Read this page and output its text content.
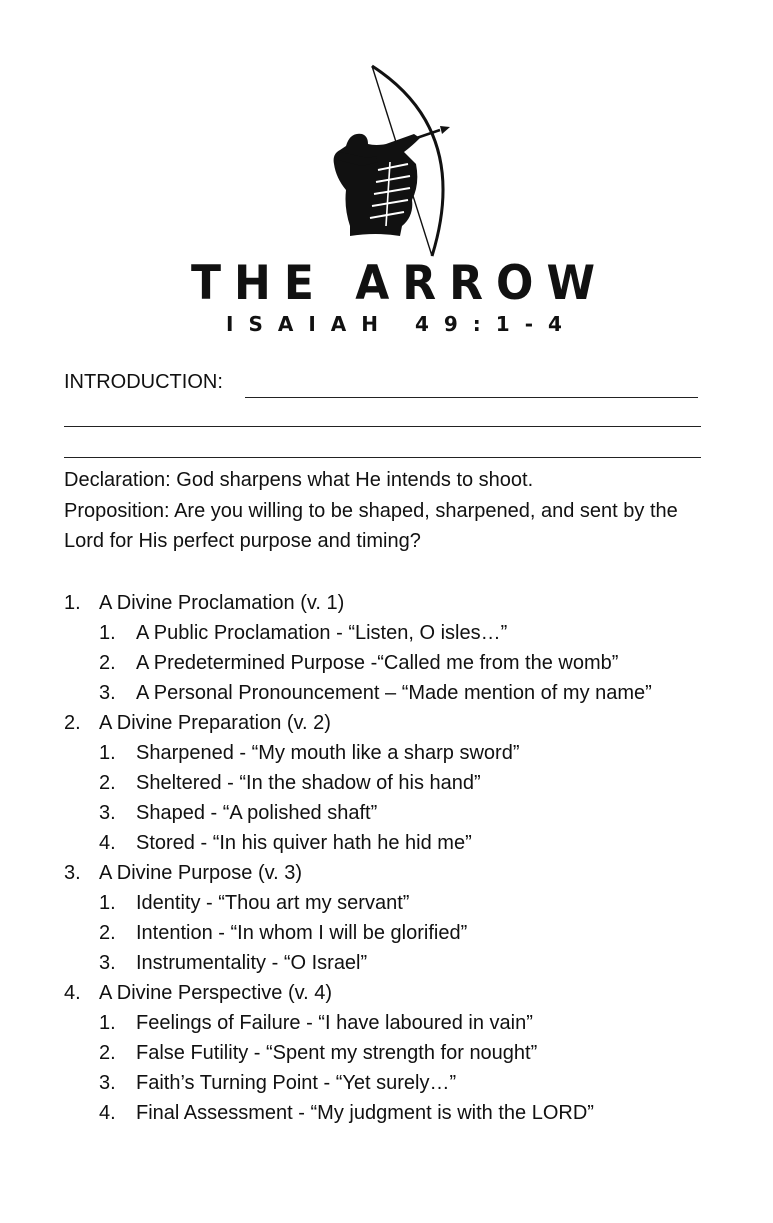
THE ARROW
ISAIAH 49:1-4
INTRODUCTION:
Declaration: God sharpens what He intends to shoot.
Proposition: Are you willing to be shaped, sharpened, and sent by the Lord for His perfect purpose and timing?
1. A Divine Proclamation (v. 1)
1. A Public Proclamation - “Listen, O isles…”
2. A Predetermined Purpose -“Called me from the womb”
3. A Personal Pronouncement – “Made mention of my name”
2. A Divine Preparation (v. 2)
1. Sharpened - “My mouth like a sharp sword”
2. Sheltered - “In the shadow of his hand”
3. Shaped - “A polished shaft”
4. Stored - “In his quiver hath he hid me”
3. A Divine Purpose (v. 3)
1. Identity - “Thou art my servant”
2. Intention - “In whom I will be glorified”
3. Instrumentality - “O Israel”
4. A Divine Perspective (v. 4)
1. Feelings of Failure - “I have laboured in vain”
2. False Futility - “Spent my strength for nought”
3. Faith’s Turning Point - “Yet surely…”
4. Final Assessment - “My judgment is with the LORD”
